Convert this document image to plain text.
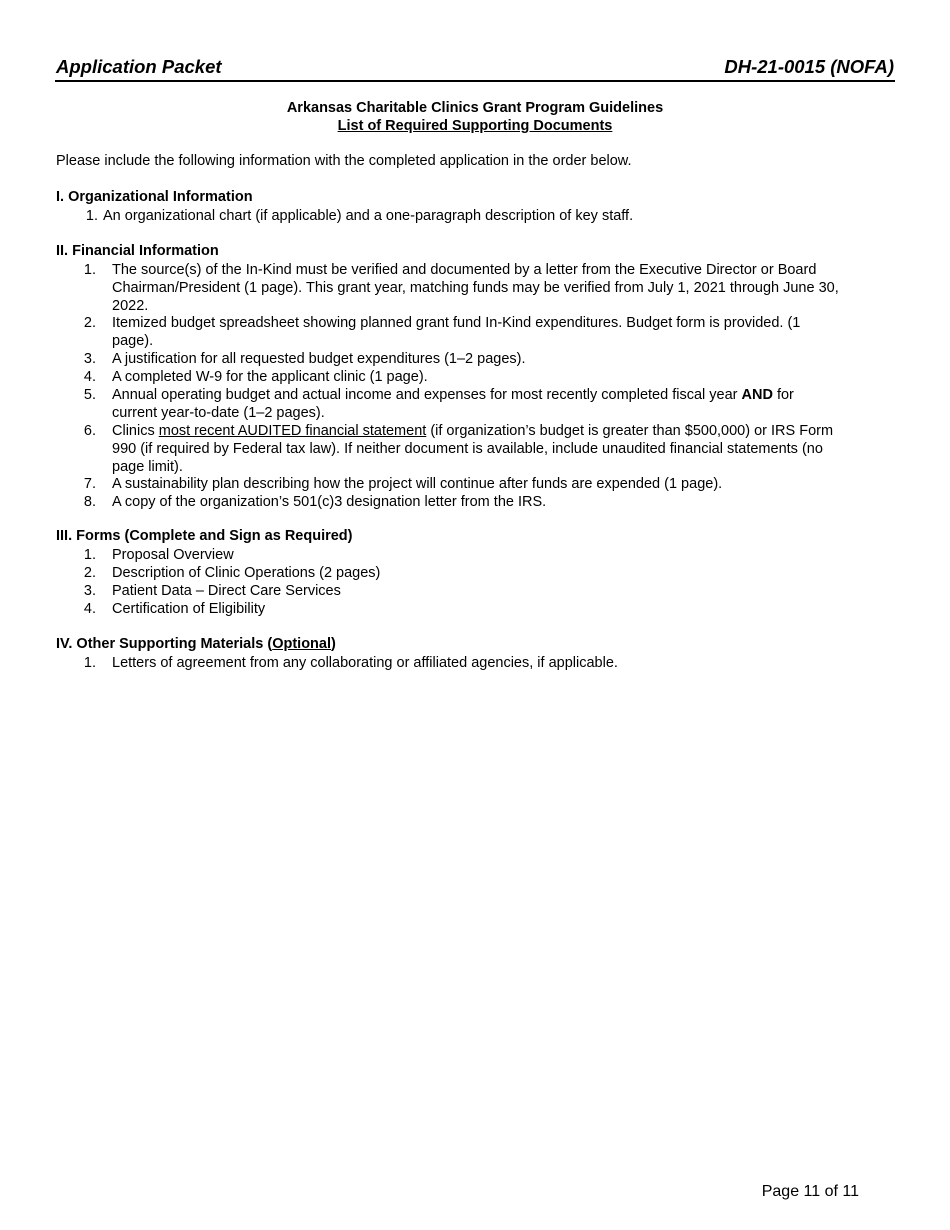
Application Packet	DH-21-0015 (NOFA)
Arkansas Charitable Clinics Grant Program Guidelines
List of Required Supporting Documents
Please include the following information with the completed application in the order below.
I. Organizational Information
1. An organizational chart (if applicable) and a one-paragraph description of key staff.
II. Financial Information
1. The source(s) of the In-Kind must be verified and documented by a letter from the Executive Director or Board
Chairman/President (1 page). This grant year, matching funds may be verified from July 1, 2021 through June 30,
2022.
2. Itemized budget spreadsheet showing planned grant fund In-Kind expenditures. Budget form is provided. (1
page).
3. A justification for all requested budget expenditures (1–2 pages).
4. A completed W-9 for the applicant clinic (1 page).
5. Annual operating budget and actual income and expenses for most recently completed fiscal year AND for
current year-to-date (1–2 pages).
6. Clinics most recent AUDITED financial statement (if organization’s budget is greater than $500,000) or IRS Form
990 (if required by Federal tax law). If neither document is available, include unaudited financial statements (no
page limit).
7. A sustainability plan describing how the project will continue after funds are expended (1 page).
8. A copy of the organization’s 501(c)3 designation letter from the IRS.
III. Forms (Complete and Sign as Required)
1. Proposal Overview
2. Description of Clinic Operations (2 pages)
3. Patient Data – Direct Care Services
4. Certification of Eligibility
IV. Other Supporting Materials (Optional)
1. Letters of agreement from any collaborating or affiliated agencies, if applicable.
Page 11 of 11
